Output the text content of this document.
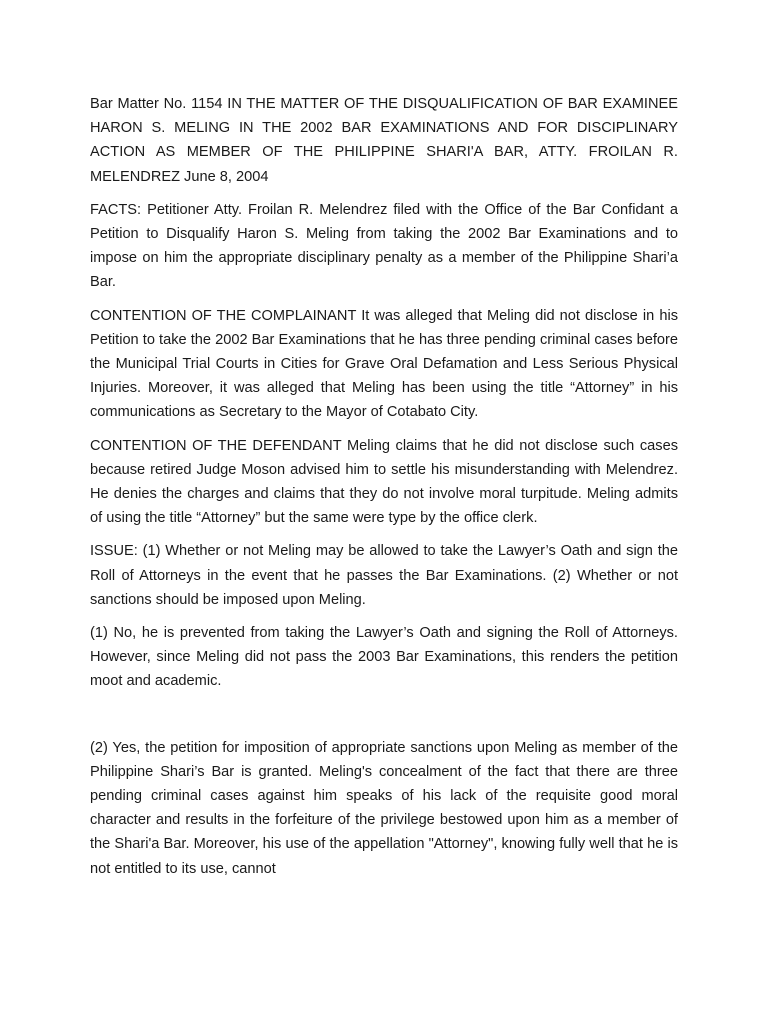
Bar Matter No. 1154 IN THE MATTER OF THE DISQUALIFICATION OF BAR EXAMINEE HARON S. MELING IN THE 2002 BAR EXAMINATIONS AND FOR DISCIPLINARY ACTION AS MEMBER OF THE PHILIPPINE SHARI'A BAR, ATTY. FROILAN R. MELENDREZ June 8, 2004

FACTS: Petitioner Atty. Froilan R. Melendrez filed with the Office of the Bar Confidant a Petition to Disqualify Haron S. Meling from taking the 2002 Bar Examinations and to impose on him the appropriate disciplinary penalty as a member of the Philippine Shari’a Bar.

CONTENTION OF THE COMPLAINANT It was alleged that Meling did not disclose in his Petition to take the 2002 Bar Examinations that he has three pending criminal cases before the Municipal Trial Courts in Cities for Grave Oral Defamation and Less Serious Physical Injuries. Moreover, it was alleged that Meling has been using the title “Attorney” in his communications as Secretary to the Mayor of Cotabato City.

CONTENTION OF THE DEFENDANT Meling claims that he did not disclose such cases because retired Judge Moson advised him to settle his misunderstanding with Melendrez. He denies the charges and claims that they do not involve moral turpitude. Meling admits of using the title “Attorney” but the same were type by the office clerk.

ISSUE: (1) Whether or not Meling may be allowed to take the Lawyer’s Oath and sign the Roll of Attorneys in the event that he passes the Bar Examinations. (2) Whether or not sanctions should be imposed upon Meling.

(1) No, he is prevented from taking the Lawyer’s Oath and signing the Roll of Attorneys. However, since Meling did not pass the 2003 Bar Examinations, this renders the petition moot and academic.

(2) Yes, the petition for imposition of appropriate sanctions upon Meling as member of the Philippine Shari’s Bar is granted. Meling's concealment of the fact that there are three pending criminal cases against him speaks of his lack of the requisite good moral character and results in the forfeiture of the privilege bestowed upon him as a member of the Shari'a Bar. Moreover, his use of the appellation "Attorney", knowing fully well that he is not entitled to its use, cannot
